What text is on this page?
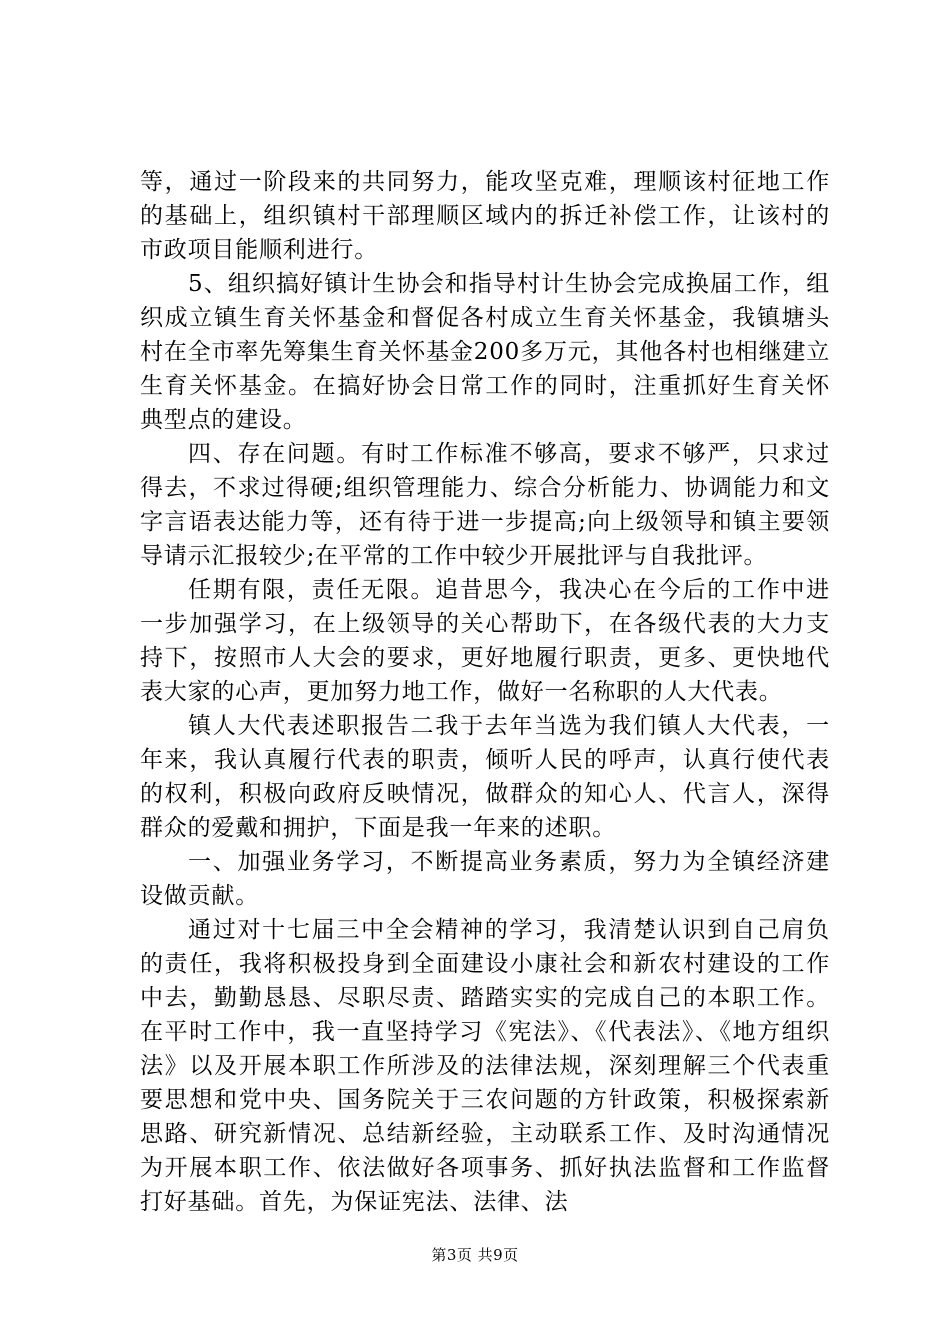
等，通过一阶段来的共同努力，能攻坚克难，理顺该村征地工作的基础上，组织镇村干部理顺区域内的拆迁补偿工作，让该村的市政项目能顺利进行。

5、组织搞好镇计生协会和指导村计生协会完成换届工作，组织成立镇生育关怀基金和督促各村成立生育关怀基金，我镇塘头村在全市率先筹集生育关怀基金200多万元，其他各村也相继建立生育关怀基金。在搞好协会日常工作的同时，注重抓好生育关怀典型点的建设。

四、存在问题。有时工作标准不够高，要求不够严，只求过得去，不求过得硬;组织管理能力、综合分析能力、协调能力和文字言语表达能力等，还有待于进一步提高;向上级领导和镇主要领导请示汇报较少;在平常的工作中较少开展批评与自我批评。

任期有限，责任无限。追昔思今，我决心在今后的工作中进一步加强学习，在上级领导的关心帮助下，在各级代表的大力支持下，按照市人大会的要求，更好地履行职责，更多、更快地代表大家的心声，更加努力地工作，做好一名称职的人大代表。

镇人大代表述职报告二我于去年当选为我们镇人大代表，一年来，我认真履行代表的职责，倾听人民的呼声，认真行使代表的权利，积极向政府反映情况，做群众的知心人、代言人，深得群众的爱戴和拥护，下面是我一年来的述职。

一、加强业务学习，不断提高业务素质，努力为全镇经济建设做贡献。

通过对十七届三中全会精神的学习，我清楚认识到自己肩负的责任，我将积极投身到全面建设小康社会和新农村建设的工作中去，勤勤恳恳、尽职尽责、踏踏实实的完成自己的本职工作。在平时工作中，我一直坚持学习《宪法》、《代表法》、《地方组织法》以及开展本职工作所涉及的法律法规，深刻理解三个代表重要思想和党中央、国务院关于三农问题的方针政策，积极探索新思路、研究新情况、总结新经验，主动联系工作、及时沟通情况为开展本职工作、依法做好各项事务、抓好执法监督和工作监督打好基础。首先，为保证宪法、法律、法

第3页 共9页
